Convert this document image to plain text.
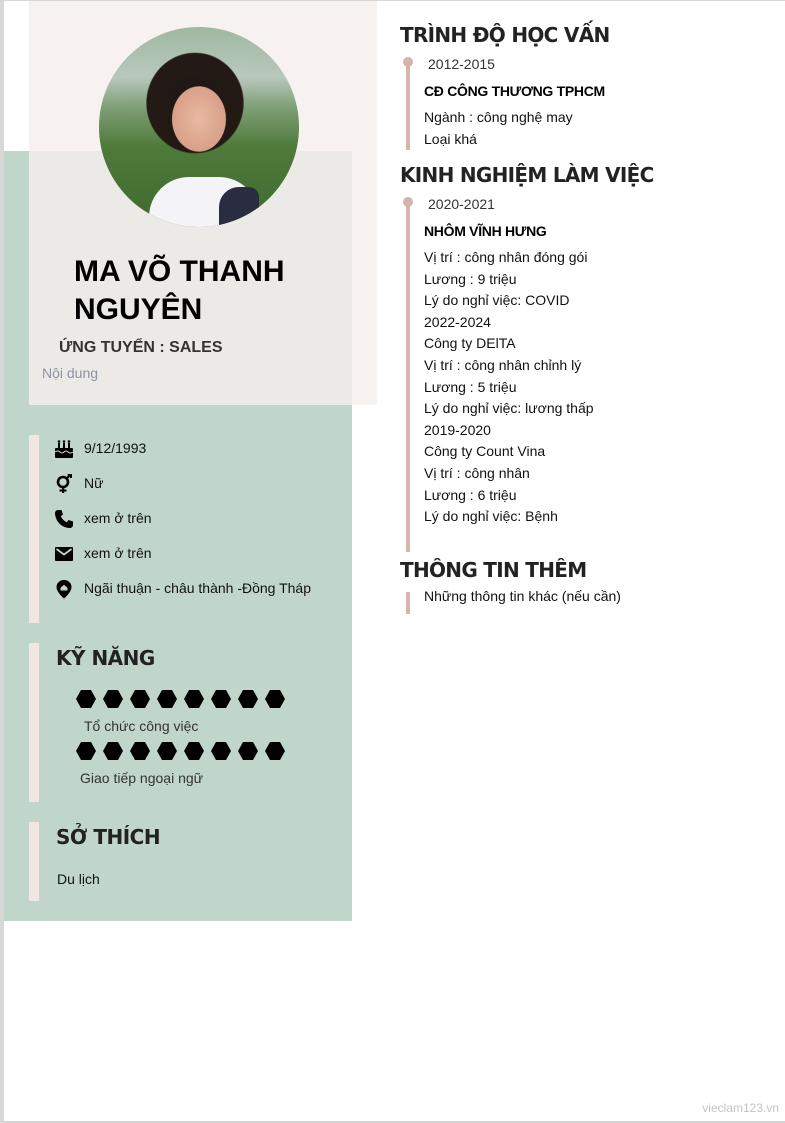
MA VÕ THANH
NGUYÊN
ỨNG TUYỂN : SALES
Nội dung
9/12/1993
Nữ
xem ở trên
xem ở trên
Ngãi thuận - châu thành -Đồng Tháp
KỸ NĂNG
Tổ chức công việc
Giao tiếp ngoại ngữ
SỞ THÍCH
Du lịch
TRÌNH ĐỘ HỌC VẤN
2012-2015
CĐ CÔNG THƯƠNG TPHCM
Ngành : công nghệ may
Loại khá
KINH NGHIỆM LÀM VIỆC
2020-2021
NHÔM VĨNH HƯNG
Vị trí : công nhân đóng gói
Lương : 9 triệu
Lý do nghỉ việc: COVID
2022-2024
Công ty DElTA
Vị trí : công nhân chỉnh lý
Lương : 5 triệu
Lý do nghỉ việc: lương thấp
2019-2020
Công ty Count Vina
Vị trí : công nhân
Lương : 6 triệu
Lý do nghỉ việc: Bệnh
THÔNG TIN THÊM
Những thông tin khác (nếu cần)
vieclam123.vn
